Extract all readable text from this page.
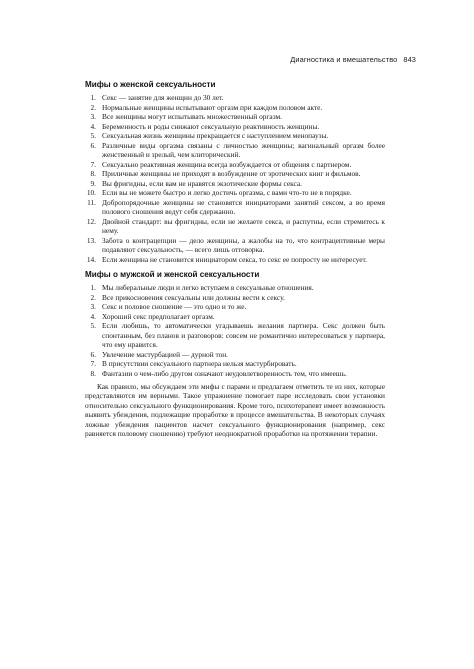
Диагностика и вмешательство 843
Мифы о женской сексуальности
1. Секс — занятие для женщин до 30 лет.
2. Нормальные женщины испытывают оргазм при каждом половом акте.
3. Все женщины могут испытывать множественный оргазм.
4. Беременность и роды снижают сексуальную реактивность женщины.
5. Сексуальная жизнь женщины прекращается с наступлением менопаузы.
6. Различные виды оргазма связаны с личностью женщины; вагинальный оргазм более женственный и зрелый, чем клиторический.
7. Сексуально реактивная женщина всегда возбуждается от общения с партнером.
8. Приличные женщины не приходят в возбуждение от эротических книг и фильмов.
9. Вы фригидны, если вам не нравятся экзотические формы секса.
10. Если вы не можете быстро и легко достичь оргазма, с вами что-то не в порядке.
11. Добропорядочные женщины не становятся инициаторами занятий сексом, а во время полового сношения ведут себя сдержанно.
12. Двойной стандарт: вы фригидны, если не желаете секса, и распутны, если стремитесь к нему.
13. Забота о контрацепции — дело женщины, а жалобы на то, что контрацептивные меры подавляют сексуальность, — всего лишь отговорка.
14. Если женщина не становится инициатором секса, то секс ее попросту не интересует.
Мифы о мужской и женской сексуальности
1. Мы либеральные люди и легко вступаем в сексуальные отношения.
2. Все прикосновения сексуальны или должны вести к сексу.
3. Секс и половое сношение — это одно и то же.
4. Хороший секс предполагает оргазм.
5. Если любишь, то автоматически угадываешь желания партнера. Секс должен быть спонтанным, без планов и разговоров: совсем не романтично интересоваться у партнера, что ему нравится.
6. Увлечение мастурбацией — дурной тон.
7. В присутствии сексуального партнера нельзя мастурбировать.
8. Фантазии о чем-либо другом означают неудовлетворенность тем, что имеешь.

Как правило, мы обсуждаем эти мифы с парами и предлагаем отметить те из них, которые представляются им верными. Такое упражнение помогает паре исследовать свои установки относительно сексуального функционирования. Кроме того, психотерапевт имеет возможность выявить убеждения, подлежащие проработке в процессе вмешательства. В некоторых случаях ложные убеждения пациентов насчет сексуального функционирования (например, секс равняется половому сношению) требуют неоднократной проработки на протяжении терапии.
